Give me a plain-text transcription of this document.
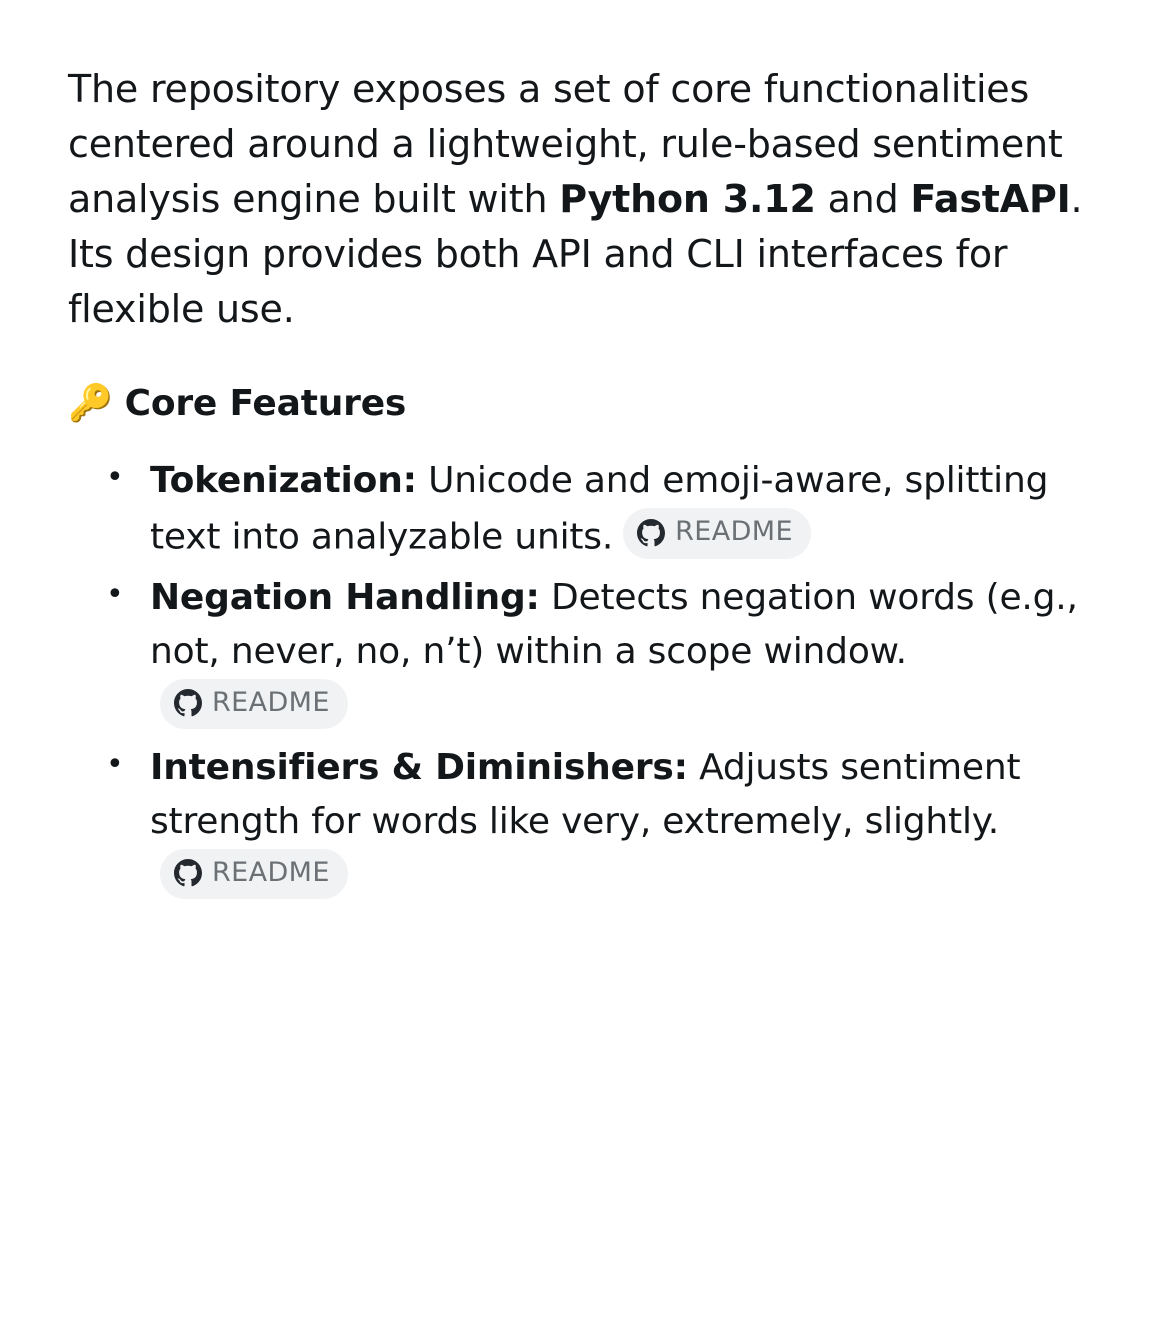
The repository exposes a set of core functionalities centered around a lightweight, rule-based sentiment analysis engine built with Python 3.12 and FastAPI. Its design provides both API and CLI interfaces for flexible use.

🔑 Core Features
• Tokenization: Unicode and emoji-aware, splitting text into analyzable units. README
• Negation Handling: Detects negation words (e.g., not, never, no, n’t) within a scope window.
README
• Intensifiers & Diminishers: Adjusts sentiment strength for words like very, extremely, slightly.
README
